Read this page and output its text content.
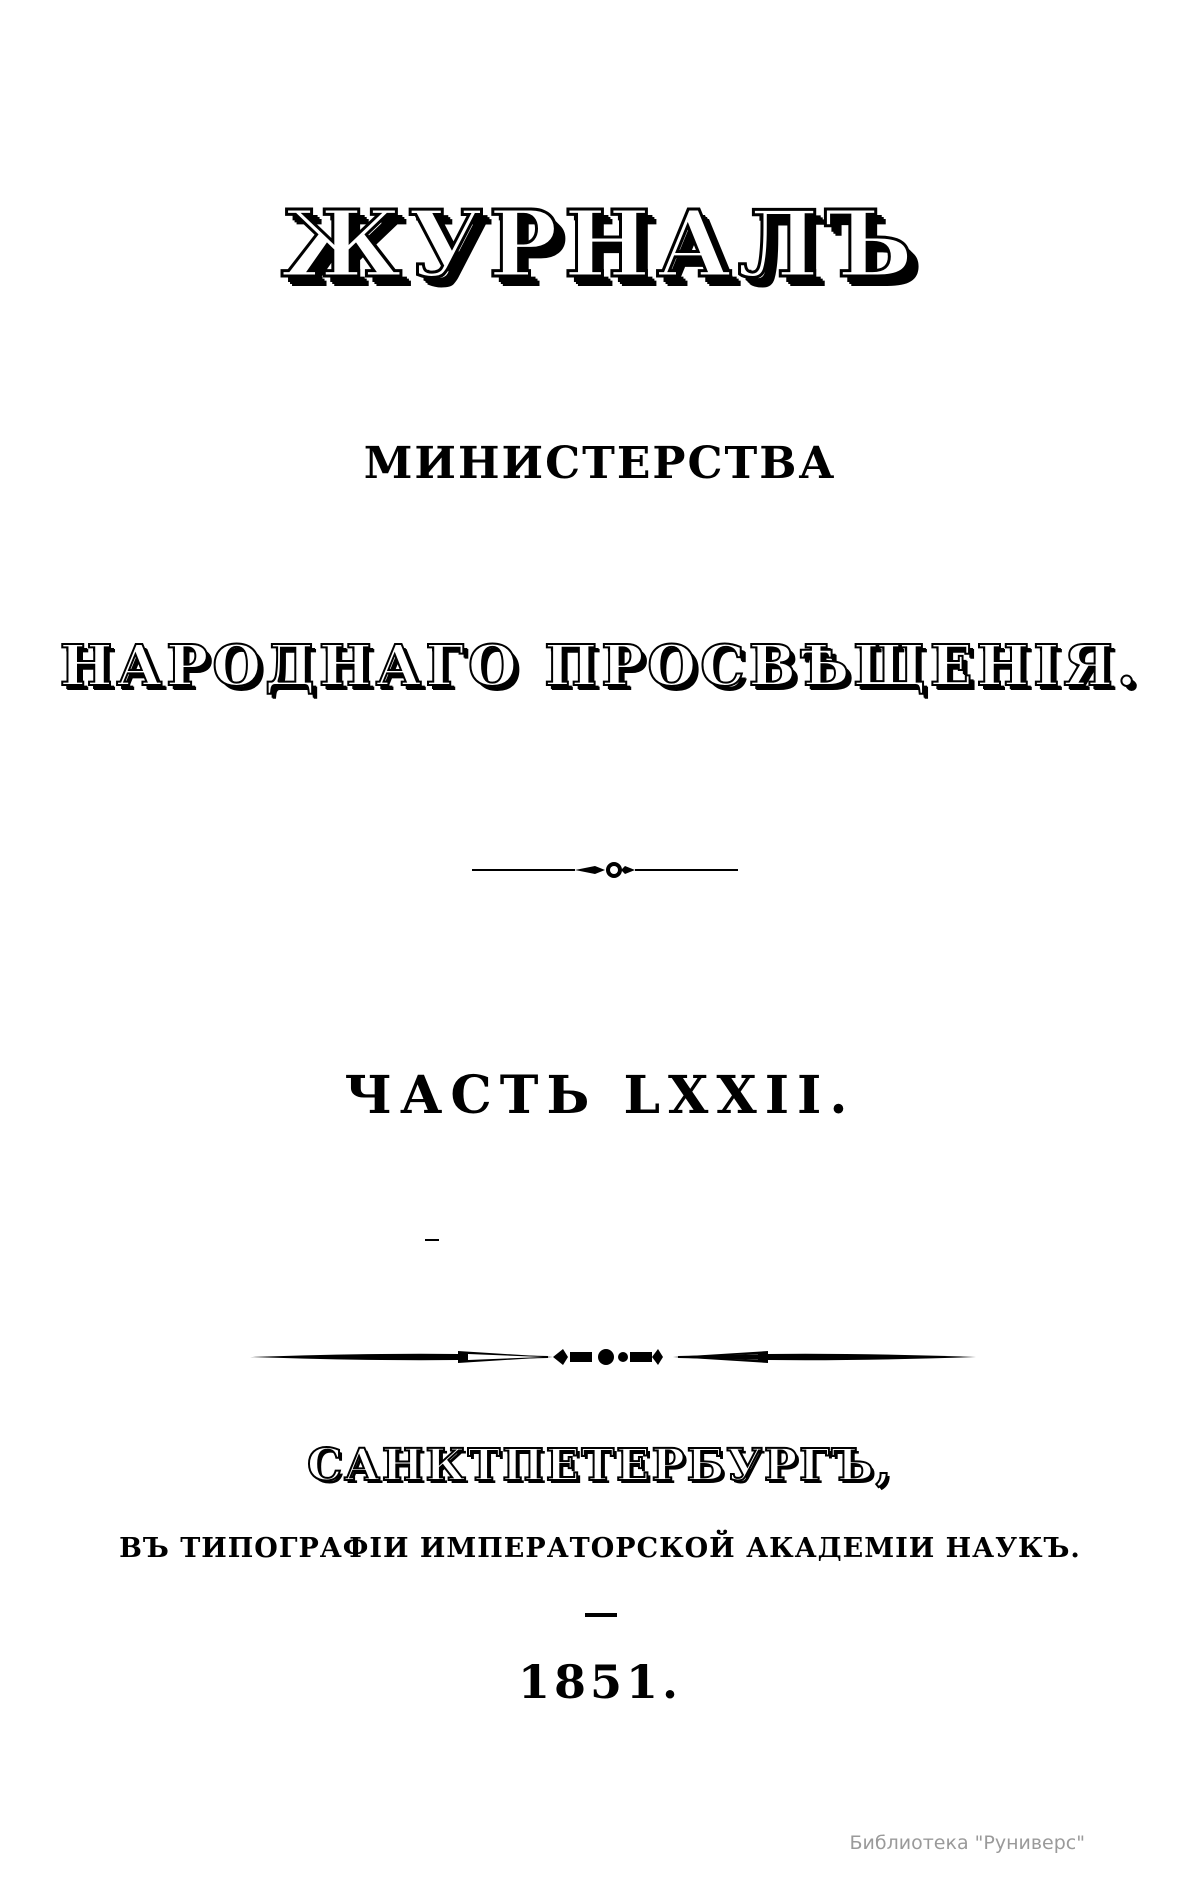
ЖУРНАЛЪ
МИНИСТЕРСТВА
НАРОДНАГО ПРОСВѢЩЕНІЯ.
ЧАСТЬ LXXII.
САНКТПЕТЕРБУРГЪ,
ВЪ ТИПОГРАФІИ ИМПЕРАТОРСКОЙ АКАДЕМІИ НАУКЪ.
1851.
Библиотека "Руниверс"
